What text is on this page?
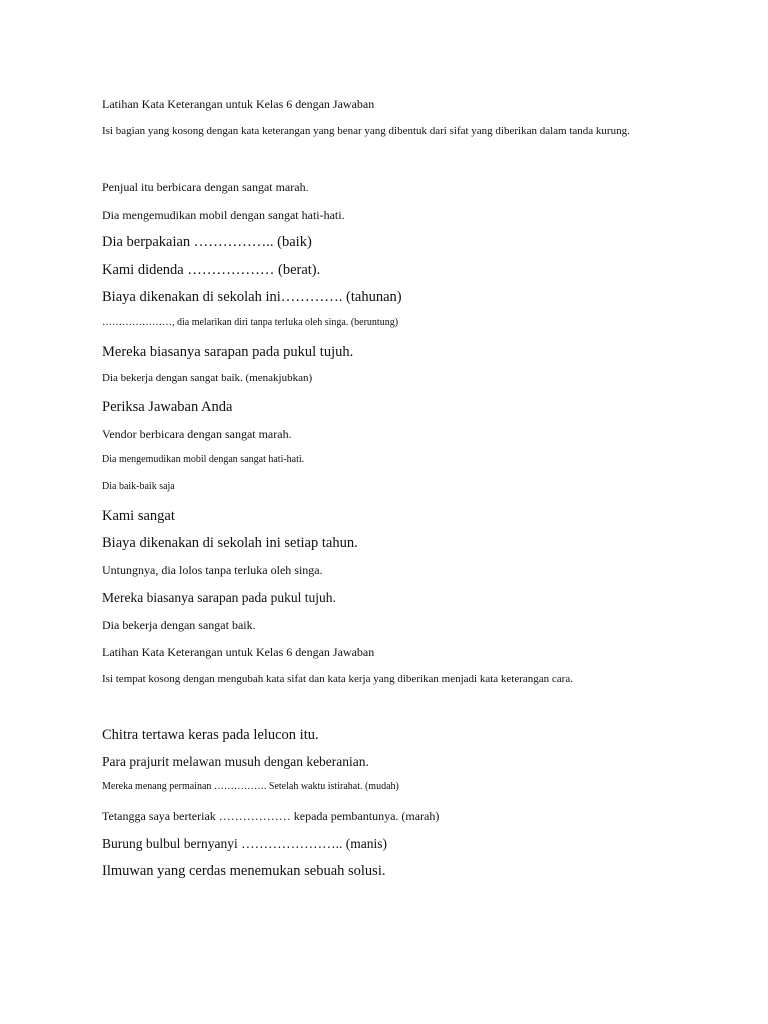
Latihan Kata Keterangan untuk Kelas 6 dengan Jawaban
Isi bagian yang kosong dengan kata keterangan yang benar yang dibentuk dari sifat yang diberikan dalam tanda kurung.
Penjual itu berbicara dengan sangat marah.
Dia mengemudikan mobil dengan sangat hati-hati.
Dia berpakaian …………….. (baik)
Kami didenda ……………… (berat).
Biaya dikenakan di sekolah ini…………. (tahunan)
…………………, dia melarikan diri tanpa terluka oleh singa. (beruntung)
Mereka biasanya sarapan pada pukul tujuh.
Dia bekerja dengan sangat baik. (menakjubkan)
Periksa Jawaban Anda
Vendor berbicara dengan sangat marah.
Dia mengemudikan mobil dengan sangat hati-hati.
Dia baik-baik saja
Kami sangat
Biaya dikenakan di sekolah ini setiap tahun.
Untungnya, dia lolos tanpa terluka oleh singa.
Mereka biasanya sarapan pada pukul tujuh.
Dia bekerja dengan sangat baik.
Latihan Kata Keterangan untuk Kelas 6 dengan Jawaban
Isi tempat kosong dengan mengubah kata sifat dan kata kerja yang diberikan menjadi kata keterangan cara.
Chitra tertawa keras pada lelucon itu.
Para prajurit melawan musuh dengan keberanian.
Mereka menang permainan ……………. Setelah waktu istirahat. (mudah)
Tetangga saya berteriak ……………… kepada pembantunya. (marah)
Burung bulbul bernyanyi ………………….. (manis)
Ilmuwan yang cerdas menemukan sebuah solusi.
